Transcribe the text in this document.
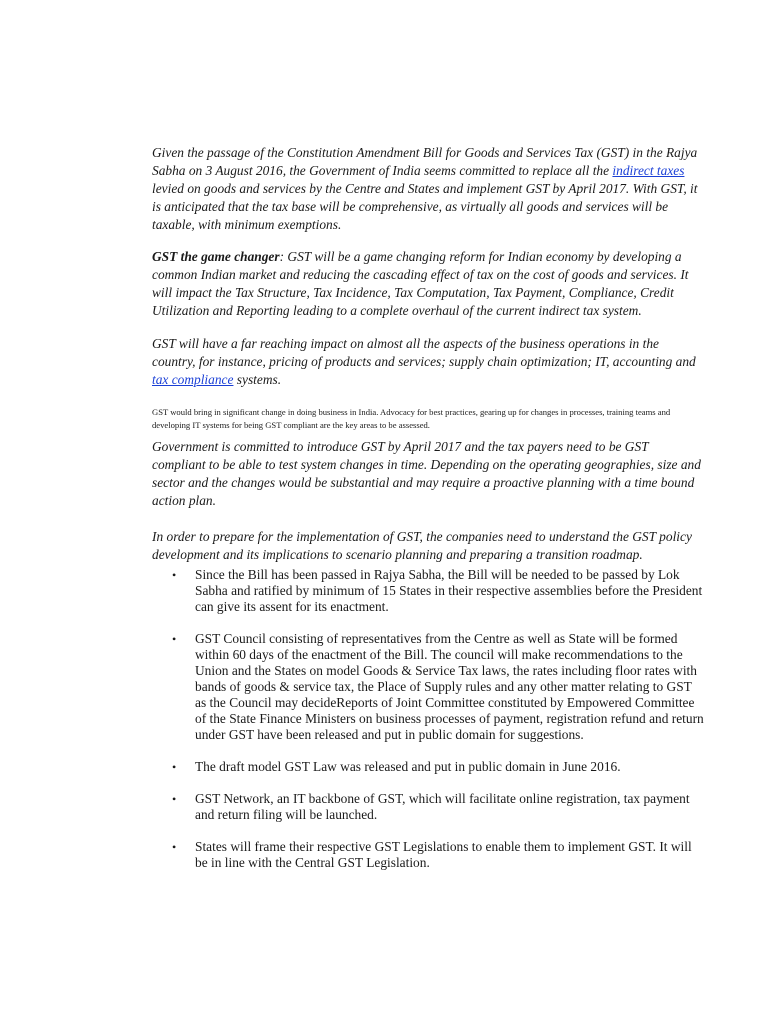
Given the passage of the Constitution Amendment Bill for Goods and Services Tax (GST) in the Rajya Sabha on 3 August 2016, the Government of India seems committed to replace all the indirect taxes levied on goods and services by the Centre and States and implement GST by April 2017. With GST, it is anticipated that the tax base will be comprehensive, as virtually all goods and services will be taxable, with minimum exemptions.

GST the game changer: GST will be a game changing reform for Indian economy by developing a common Indian market and reducing the cascading effect of tax on the cost of goods and services. It will impact the Tax Structure, Tax Incidence, Tax Computation, Tax Payment, Compliance, Credit Utilization and Reporting leading to a complete overhaul of the current indirect tax system.

GST will have a far reaching impact on almost all the aspects of the business operations in the country, for instance, pricing of products and services; supply chain optimization; IT, accounting and tax compliance systems.

GST would bring in significant change in doing business in India. Advocacy for best practices, gearing up for changes in processes, training teams and developing IT systems for being GST compliant are the key areas to be assessed.

Government is committed to introduce GST by April 2017 and the tax payers need to be GST compliant to be able to test system changes in time. Depending on the operating geographies, size and sector and the changes would be substantial and may require a proactive planning with a time bound action plan.

In order to prepare for the implementation of GST, the companies need to understand the GST policy development and its implications to scenario planning and preparing a transition roadmap.

• Since the Bill has been passed in Rajya Sabha, the Bill will be needed to be passed by Lok Sabha and ratified by minimum of 15 States in their respective assemblies before the President can give its assent for its enactment.
• GST Council consisting of representatives from the Centre as well as State will be formed within 60 days of the enactment of the Bill. The council will make recommendations to the Union and the States on model Goods & Service Tax laws, the rates including floor rates with bands of goods & service tax, the Place of Supply rules and any other matter relating to GST as the Council may decideReports of Joint Committee constituted by Empowered Committee of the State Finance Ministers on business processes of payment, registration refund and return under GST have been released and put in public domain for suggestions.
• The draft model GST Law was released and put in public domain in June 2016.
• GST Network, an IT backbone of GST, which will facilitate online registration, tax payment and return filing will be launched.
• States will frame their respective GST Legislations to enable them to implement GST. It will be in line with the Central GST Legislation.
